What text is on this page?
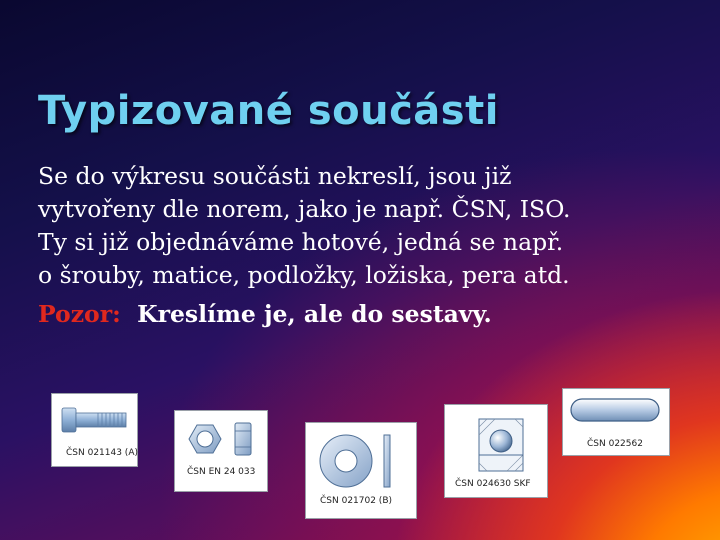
Typizované součásti

Se do výkresu součásti nekreslí, jsou již

vytvořeny dle norem, jako je např. ČSN, ISO.

Ty si již objednáváme hotové, jedná se např.

o šrouby, matice, podložky, ložiska, pera atd.

Pozor: Kreslíme je, ale do sestavy.

ČSN 021143 (A)
ČSN EN 24 033
ČSN 021702 (B)
ČSN 024630 SKF
ČSN 022562
